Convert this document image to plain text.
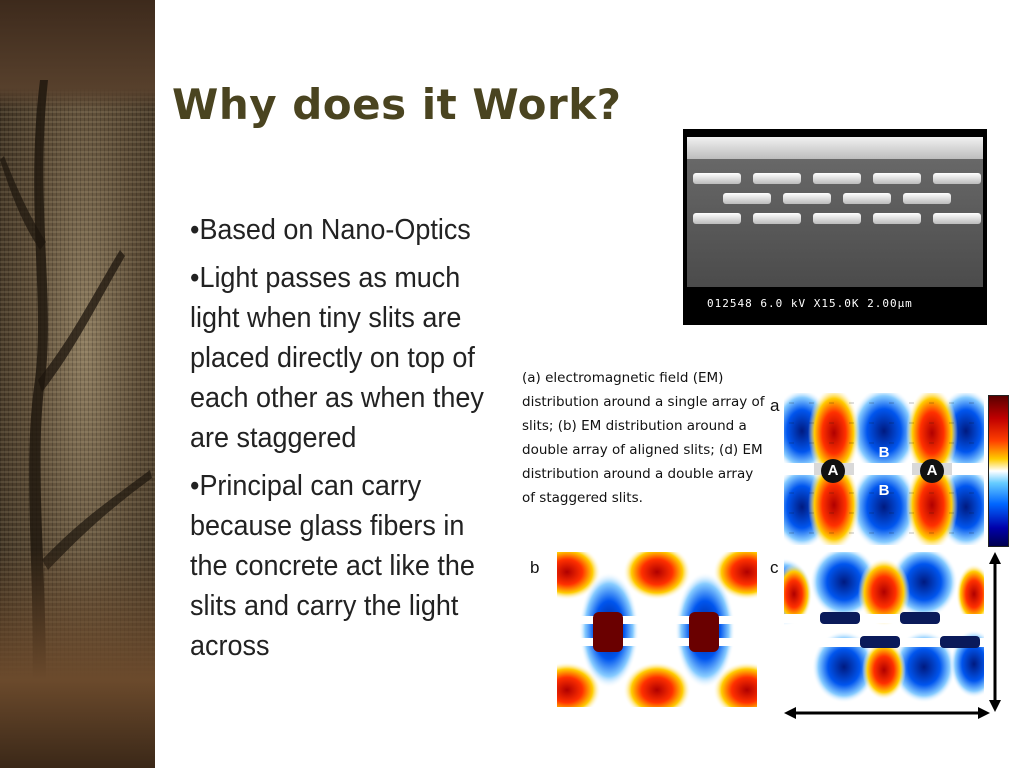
Why does it Work?
•Based on Nano-Optics
•Light passes as much light when tiny slits are placed directly on top of each other as when they are staggered
•Principal can carry because glass fibers in the concrete act like the slits and carry the light across
012548 6.0 kV X15.0K 2.00µm
(a) electromagnetic field (EM) distribution around a single array of slits; (b) EM distribution around a double array of aligned slits; (d) EM distribution around a double array of staggered slits.
a
b	c
A	A
B
B
